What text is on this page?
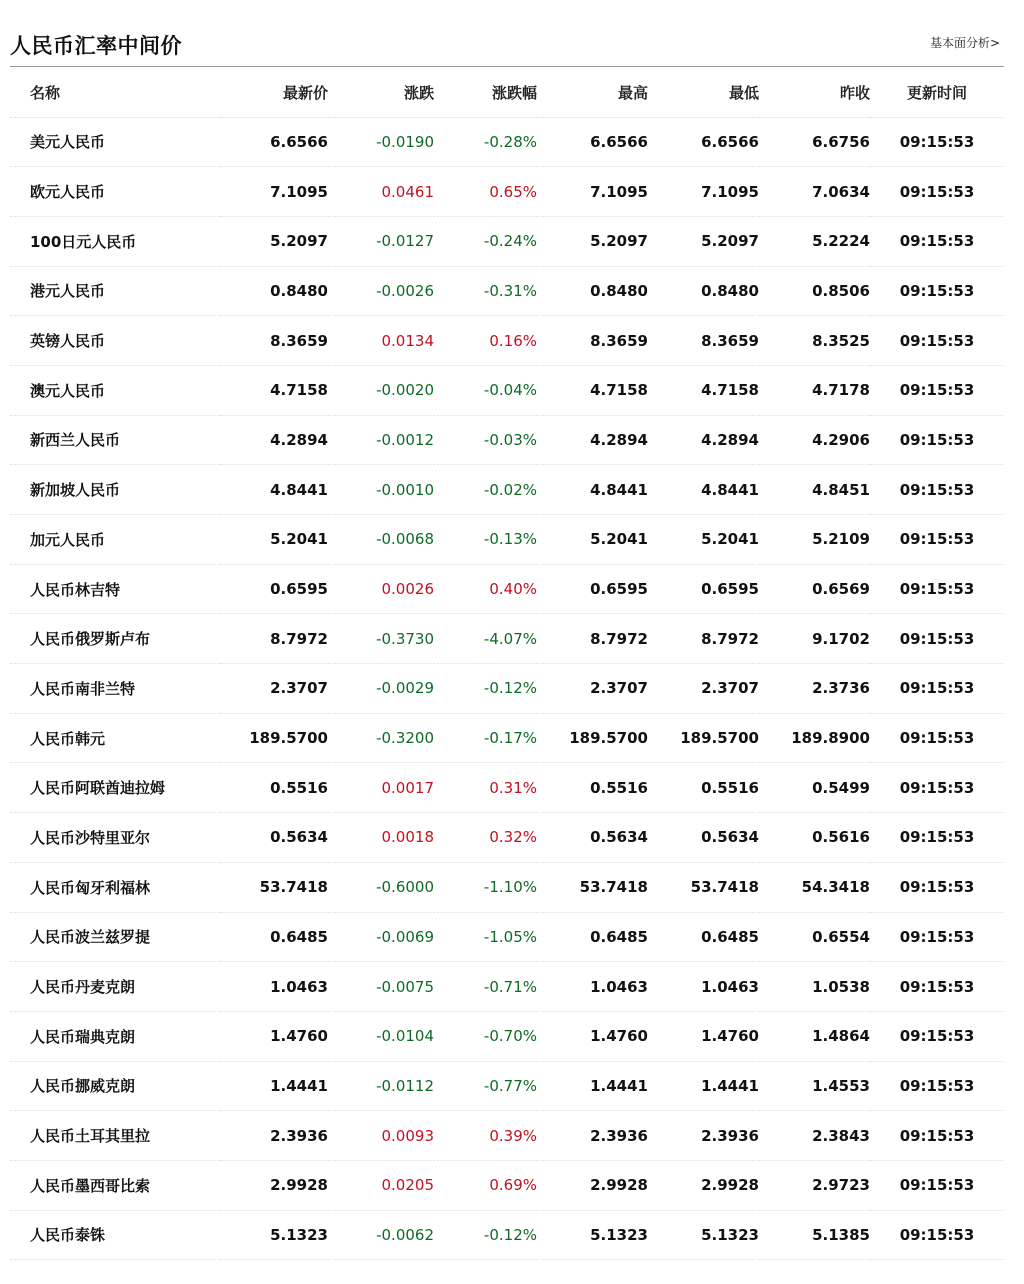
人民币汇率中间价	基本面分析>
名称	最新价	涨跌	涨跌幅	最高	最低	昨收	更新时间
美元人民币	6.6566	-0.0190	-0.28%	6.6566	6.6566	6.6756	09:15:53
欧元人民币	7.1095	0.0461	0.65%	7.1095	7.1095	7.0634	09:15:53
100日元人民币	5.2097	-0.0127	-0.24%	5.2097	5.2097	5.2224	09:15:53
港元人民币	0.8480	-0.0026	-0.31%	0.8480	0.8480	0.8506	09:15:53
英镑人民币	8.3659	0.0134	0.16%	8.3659	8.3659	8.3525	09:15:53
澳元人民币	4.7158	-0.0020	-0.04%	4.7158	4.7158	4.7178	09:15:53
新西兰人民币	4.2894	-0.0012	-0.03%	4.2894	4.2894	4.2906	09:15:53
新加坡人民币	4.8441	-0.0010	-0.02%	4.8441	4.8441	4.8451	09:15:53
加元人民币	5.2041	-0.0068	-0.13%	5.2041	5.2041	5.2109	09:15:53
人民币林吉特	0.6595	0.0026	0.40%	0.6595	0.6595	0.6569	09:15:53
人民币俄罗斯卢布	8.7972	-0.3730	-4.07%	8.7972	8.7972	9.1702	09:15:53
人民币南非兰特	2.3707	-0.0029	-0.12%	2.3707	2.3707	2.3736	09:15:53
人民币韩元	189.5700	-0.3200	-0.17%	189.5700	189.5700	189.8900	09:15:53
人民币阿联酋迪拉姆	0.5516	0.0017	0.31%	0.5516	0.5516	0.5499	09:15:53
人民币沙特里亚尔	0.5634	0.0018	0.32%	0.5634	0.5634	0.5616	09:15:53
人民币匈牙利福林	53.7418	-0.6000	-1.10%	53.7418	53.7418	54.3418	09:15:53
人民币波兰兹罗提	0.6485	-0.0069	-1.05%	0.6485	0.6485	0.6554	09:15:53
人民币丹麦克朗	1.0463	-0.0075	-0.71%	1.0463	1.0463	1.0538	09:15:53
人民币瑞典克朗	1.4760	-0.0104	-0.70%	1.4760	1.4760	1.4864	09:15:53
人民币挪威克朗	1.4441	-0.0112	-0.77%	1.4441	1.4441	1.4553	09:15:53
人民币土耳其里拉	2.3936	0.0093	0.39%	2.3936	2.3936	2.3843	09:15:53
人民币墨西哥比索	2.9928	0.0205	0.69%	2.9928	2.9928	2.9723	09:15:53
人民币泰铢	5.1323	-0.0062	-0.12%	5.1323	5.1323	5.1385	09:15:53
